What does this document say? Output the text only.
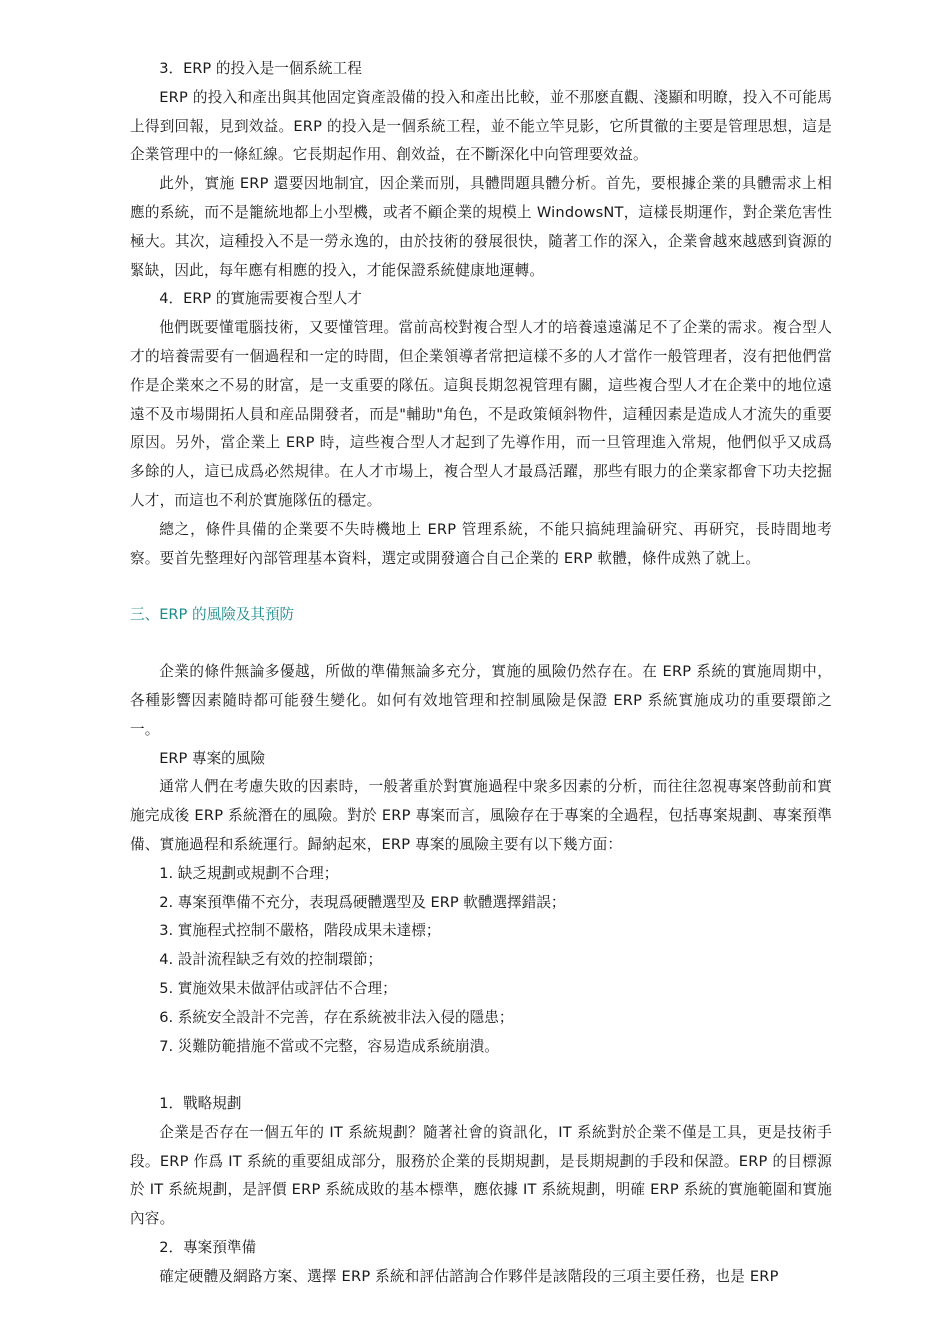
3．ERP 的投入是一個系統工程

ERP 的投入和產出與其他固定資產設備的投入和產出比較，並不那麽直觀、淺顯和明瞭，投入不可能馬上得到回報，見到效益。ERP 的投入是一個系統工程，並不能立竿見影，它所貫徹的主要是管理思想，這是企業管理中的一條紅線。它長期起作用、創效益，在不斷深化中向管理要效益。

此外，實施 ERP 還要因地制宜，因企業而別，具體問題具體分析。首先，要根據企業的具體需求上相應的系統，而不是籠統地都上小型機，或者不顧企業的規模上 WindowsNT，這樣長期運作，對企業危害性極大。其次，這種投入不是一勞永逸的，由於技術的發展很快，隨著工作的深入，企業會越來越感到資源的緊缺，因此，每年應有相應的投入，才能保證系統健康地運轉。

4．ERP 的實施需要複合型人才

他們既要懂電腦技術，又要懂管理。當前高校對複合型人才的培養遠遠滿足不了企業的需求。複合型人才的培養需要有一個過程和一定的時間，但企業領導者常把這樣不多的人才當作一般管理者，沒有把他們當作是企業來之不易的財富，是一支重要的隊伍。這與長期忽視管理有關，這些複合型人才在企業中的地位遠遠不及市場開拓人員和産品開發者，而是"輔助"角色，不是政策傾斜物件，這種因素是造成人才流失的重要原因。另外，當企業上 ERP 時，這些複合型人才起到了先導作用，而一旦管理進入常規，他們似乎又成爲多餘的人，這已成爲必然規律。在人才市場上，複合型人才最爲活躍，那些有眼力的企業家都會下功夫挖掘人才，而這也不利於實施隊伍的穩定。

總之，條件具備的企業要不失時機地上 ERP 管理系統，不能只搞純理論研究、再研究，長時間地考察。要首先整理好內部管理基本資料，選定或開發適合自己企業的 ERP 軟體，條件成熟了就上。

三、ERP 的風險及其預防

企業的條件無論多優越，所做的準備無論多充分，實施的風險仍然存在。在 ERP 系統的實施周期中，各種影響因素隨時都可能發生變化。如何有效地管理和控制風險是保證 ERP 系統實施成功的重要環節之一。

ERP 專案的風險

通常人們在考慮失敗的因素時，一般著重於對實施過程中衆多因素的分析，而往往忽視專案啓動前和實施完成後 ERP 系統潛在的風險。對於 ERP 專案而言，風險存在于專案的全過程，包括專案規劃、專案預準備、實施過程和系統運行。歸納起來，ERP 專案的風險主要有以下幾方面：

1. 缺乏規劃或規劃不合理；

2. 專案預準備不充分，表現爲硬體選型及 ERP 軟體選擇錯誤；

3. 實施程式控制不嚴格，階段成果未達標；

4. 設計流程缺乏有效的控制環節；

5. 實施效果未做評估或評估不合理；

6. 系統安全設計不完善，存在系統被非法入侵的隱患；

7. 災難防範措施不當或不完整，容易造成系統崩潰。

1．戰略規劃

企業是否存在一個五年的 IT 系統規劃？隨著社會的資訊化，IT 系統對於企業不僅是工具，更是技術手段。ERP 作爲 IT 系統的重要組成部分，服務於企業的長期規劃，是長期規劃的手段和保證。ERP 的目標源於 IT 系統規劃，是評價 ERP 系統成敗的基本標準，應依據 IT 系統規劃，明確 ERP 系統的實施範圍和實施內容。

2．專案預準備

確定硬體及網路方案、選擇 ERP 系統和評估諮詢合作夥伴是該階段的三項主要任務，也是 ERP
